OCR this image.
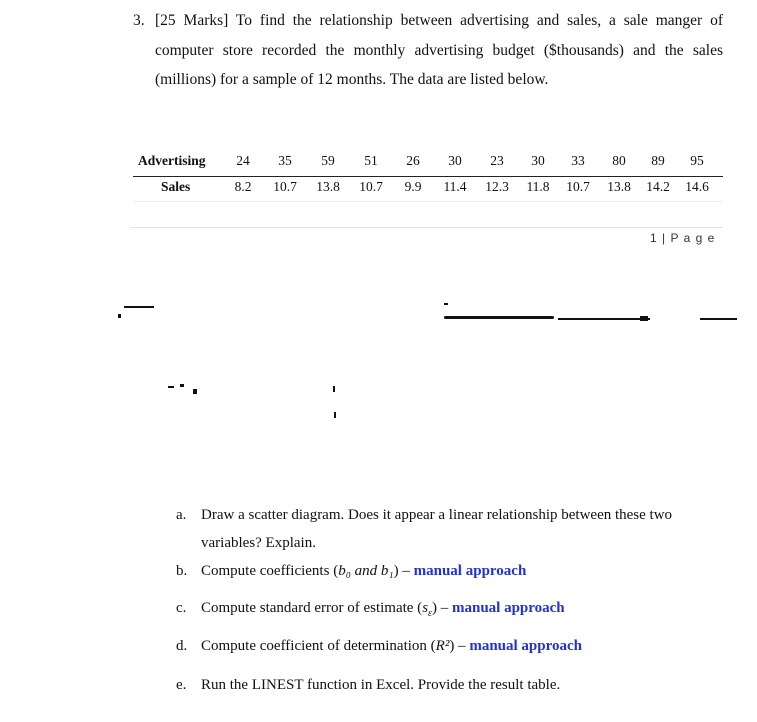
3. [25 Marks] To find the relationship between advertising and sales, a sale manger of
computer store recorded the monthly advertising budget ($thousands) and the sales
(millions) for a sample of 12 months. The data are listed below.
Advertising	24	35	59	51	26	30	23	30	33	80	89	95
Sales	8.2	10.7	13.8	10.7	9.9	11.4	12.3	11.8	10.7	13.8	14.2	14.6
1 | P a g e
a. Draw a scatter diagram. Does it appear a linear relationship between these two
variables? Explain.
b. Compute coefficients (b₀ and b₁) – manual approach
c. Compute standard error of estimate $(s_\varepsilon)$ – manual approach
d. Compute coefficient of determination (R²) – manual approach
e. Run the LINEST function in Excel. Provide the result table.
